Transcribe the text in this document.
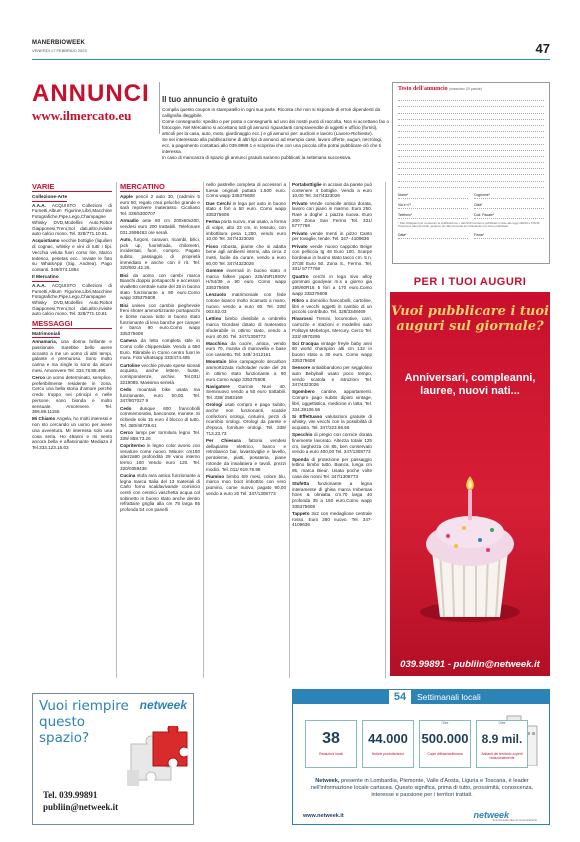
MANERBIOWEEK
VENERDÌ 17 FEBBRAIO 2023	47
ANNUNCI
www.ilmercato.eu
Il tuo annuncio è gratuito

Compila questo coupon in stampatello in ogni sua parte. Riconta che non si risponde di errori dipendenti da calligrafia illeggibile.

Come consegnarlo: spedito o per posta o consegnarlo ad uno dei nostri punti di raccolta. Non si accettano fax o fotocopie. Nel Mercatino si accettano tutti gli annunci riguardanti compravendite di oggetti e ufficio (forniti), articoli per la casa, auto, moto, giardinaggio ecc.) e gli annunci per: auclioni e lavoro (Lavoro-Richieste).

Se sei interessato alla pubblicazione di altri tipi di annunci ad esempio case, lavoro offerte, auguri, necrologi, ecc. a pagamento contattaci allo 039.9989.1 e scoprirai che con una piccola cifra potrai pubblicare ciò che ti interessa.

In caso di mancanza di spazio gli annunci gratuiti saranno pubblicati la settimana successiva.

Testo dell'annuncio (massimo 20 parole)
Nome*	Cognome*
Via e n°*	Città*
Telefono*	Cod. Fiscale*
* Dati obbligatori per consentire la pubblicazione. I dati NON verranno pubblicati in base alle leggi 196/03 e 679/16. Protezione dati personali, gestione dei dati personali del richiedente non viene pubblicato.
Data*	Firma*
VARIE
Collezione-Arte
A.A.A. ACQUISTO Collezioni di Fumetti,Album Figurine,Libri,Macchine Fotografiche,Pipe,Lego,Champagne Whisky DVD,Modellini Auto,Robot Giapponesi,Treni,Sol dati,altro,rivisite auto calcio mono. Tel. 328/771.10.81.
Acquistiamo vecchie bottiglie (liquilieri di cognac, whisky e vini di tutti i tipi. Vecchia veluta fuori corso lire, Marco tedesco, pesetas ecc.. Inviate le foto su WhatsApp (Sig. Andrea). Pago contanti. 349/074.1884
Il Mercatino
A.A.A. ACQUISTO Collezioni di Fumetti,Album Figurine,Libri,Macchine Fotografiche,Pipe,Lego,Champagne Whisky DVD,Modellini Auto,Robot Giapponesi,Treni,Sol dati,altro,rivisite auto calcio mono. Tel. 328/771.10.81
MESSAGGI
Matrimoniali
Annamaria, una donna brillante e passionale. Sarebbe bello avere accanto a me un uomo di altri tempi, galante e premuroso. Sono molto carina e ma single lo sono da alcuni mesi. Amorevere Tel. 334.76.88.496
Cerco un uomo determinato, semplice, preferibilmente residente in zona. Cerco una bella storia d'amore perché credo troppo nei principi e nelle persone, sono bionda e molto sensuale. Amorevere. Tel. 366.89.11155
Mi Chiamo Angela, ho molti interessi e non sto cercando un uomo per avere una avventura. Mi interessa solo una cosa seria. Ho 49anni e mi sento ancora bella e affascinante Mediaza il Tel.333.123.15.63
MERCATINO
Apple pencil 2 auto 30, (cadmini 5 euro 50; regalo crea peluche grande e sarà repolvere materasso. Cicoliano Tel. 328/5300707
Armadio ante 80 cm 200x60x200, vendesi euro 200 trattabili. Telefonare 031.2698463 ore serali.
Auto, furgoni, caravan, ricambi, bilici, pick up, fuoristrada, chilometri, incidentati, fuori, compro. Pagato subito, passaggio di proprietà immediato e anche con il rit. Tel. 320/502.42.26.
Bici da uomo con cambi marca Bianchi doppio portapacchi e accessori vivalletto centrale ruote del 28 in buono stato funzionante a 90 euro.Como wapp 335375608
Bici unisex con cambio pieghevole freni shoter ammortizzante portapacchi e borse nuova tutto in buono stato funzionante di leva banche per camper e barca 90 euro.Como wapp 335375608
Camera da letto completa stile in Como colle chippendale. Vendo a 650 Euro. Ritirabile in Como centro fuori le mura. Foto whatsapp 333/474.485
Cartoline vecchie private spese sionati acquisto, anche lettere, buste, corrispondenze, archivi. Tel.031/ 3219085. Massima serietà.
Cedo mountain bike usata ma funzionante, euro 50,00. Tel. 347/807027 9
Cedo dunque 600 francobolli commemorativi, banconote, monete. Si richiede solo 15 euro il blocco di tutto. Tel. 380/46739.61
Cerco lampi per tormitura legno Tel. 339/ 858.73.26
Copritermo in legno color avorio con venature come nuovo. Misure: cm180 altezza90 profondità 29 vano interno termo 100 Vendo euro 120. Tel. 320/0359436
Cucina stufa rara antica funzionante a legna marca Italia del 13 materiali di Carlo forno scaldavivande comincio centri con centrici vaschetta acqua col sobinetto in buono stato anche dentro refrattaire griglia alla cm 78 larga 85 profonda 54 con panelli
nello pastrelle completa di accessori a tuesai originali puttata 1.500 euro. Como wapp 335375608
Due Cerchi in lega per auto in buono stato 4 fori a 50 euro. Como wapp 335375608
Ferma porta nuovo, mai usato, a forma di volpe, alto 23 cm, in tessuto, con imbottitura pesa 1,250, vendo euro 10,00 Tel. 347/4323026
Fisso robusta, piante che si adatta bene agli ambienti interni, alta circa 2 metri, facile da curare, vendo a euro 80,00 Tel. 347/4323026
Gomme invernali in buono stato 4 marca falken japan 225/45R19S0V H/S4/39 a 90 euro Como wapp 335375608
Lenzuolo matrimoniale con fede cotone bianco molto ricamato a mano, nuovo, vendo a euro 60. Tel. 328/ 003.82.03
Lettino bimbo divisibile a ombrello marca Giordani dotato di materasso sfoderabile in ottimo stato, vendo a euro 40,00. Tel. 347/1308773
Macchina da cucire, antica, vendo euro 70, munita di manovella e base con cassetto. Tel. 349/ 3412161
Mountain bike campagnolo decarbon ammortizzata rodrolader ruote del 26 in ottimo stato funzionante a 90 euro.Como wapp 335375608
Navigatore Garmin Nuvi 40. Seminuovo vendo a 50 euro trattabili. Tel. 338/ 2583169
Orologi usati compro e pago subito, anche non funzionanti, scatole confezioni orologi, cinturini, pezzi di ricambio orologi. Orologi da parete e d'epoca, forniture orologi. Tel. 339/ 713.23.73
Per Chiesura fattoria vendesi dellapiante elettrico, banco e retrobanco bar, lavastoviglie e lavello, pentoleme, piatti, posateria, piane rotonde da insalatiera e tavoli, prezzi modici. Tel. 011/ 919.79.98
Piumino bimbo 6/9 mesi, colore blu, marca moo boot imbottito con vero piumino, come nuovo, pagato 90,00 vendo a euro 20 Tel. 347/1308773
Portabottiglie in acciaio da parete può contenere 4 bottiglie. Vendo a euro 10,00 Tel. 347/4323026
Privato Vende consolle antica dorata, lavoro con piano in marmo. Euro 250. Rare a doghe 1 piazza nuova. Euro 200 Zona San Fermo Tel. 331/ 5777768
Privato vende menti in pizzo Canto per tovaglie, tende. Tel. 347- 4109636
Privato vende nuovo cappotto Beige con pelliccia tg 48 Euro 100. Scarpe bordeaux in buono stato tacco cm. 5 n. 37/38 Euro 50. Zona S., Fermo. Tel. 331/ 5777768
Quattro cerchi in lega sivo alloy gommati goodyear m.s a giorno gia 195/60R16 5 fori a 170 euro.Como wapp 335375608
Ritiro a domicilio francobolli, cartoline, libri e vecchi oggetti in cambio di un piccolo contributo. Tel. 328/3348469
Rivarossi Trenini, locomotive, carri, carrozze e stazioni e modellini auto Politoys Mebetoys, Mercury. Cerco Tel. 333/ 8970295
Sci D'acqua vintage freyle baby anni 60 world champion alti cm 132 in buono stato a 30 euro. Como wapp 335375608
Sensore antiabbandono per seggiolino auto Bebyball usato poco tempo, vendo scatola e istruzioni Tel. 347/4323026
Sgombero cantine, appartamenti. Compro pago subito dipinti vintage, libri, oggettistica, medicine in latta. Tel. 334.39106.56
Si Effettuano valutazioni gratuite di whisky, vini vecchi con la possibilità di acquisto. Tel. 347/223.86.66
Specchio di pregio con cornice dorata finemente lavorato. Altezza totale 125 cm, larghezza cm 85, ben conservato vendo a euro 400,00 Tel. 347/1308773
Sponda di protezione per passaggio lettino bimbo tutto. Bianca, lunga cm 95, marca Bieur. Usata poche volte casa dei nonni Tel. 347/1308773
Stufetta funzionante a legna interamente di ghisa marca Imbersas hoes & olmiatta cm.70 larga 40 profonda 35 a 150 euro.Como wapp 335375608
Tappeto 3x2 con medaglione centrale rosso. Euro 280 nuovo. Tel. 347- 4109636
PER I TUOI AUGURI
Vuoi pubblicare i tuoi auguri sul giornale?
Anniversari, compleanni, lauree, nuovi nati...
039.99891 - publiin@netweek.it
Vuoi riempire questo spazio?
netweek
Tel. 039.99891
publiin@netweek.it
54	Settimanali locali
38
Redazioni locali
44.000
Notizie prodotte/anno
Oltre
500.000
Copie diffuse/settimana
Oltre
8.9 mil.
Abitanti del territorio coperti redazionalmente
Netweek, presente in Lombardia, Piemonte, Valle d'Aosta, Liguria e Toscana, è leader nell'informazione locale cartacea. Questo significa, prima di tutto, prossimità, conoscenza, interesse e passione per i territori trattati.
www.netweek.it	netweek
la forza delle idee di comunicazione
